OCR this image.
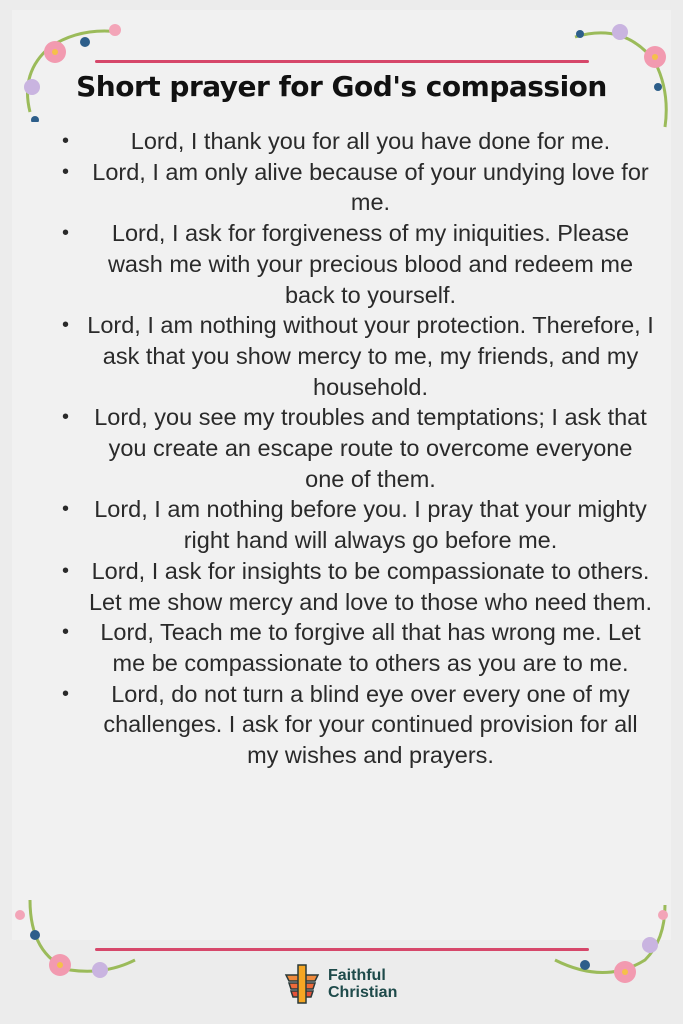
Short prayer for God's compassion
•	Lord, I thank you for all you have done for me.
• Lord, I am only alive because of your undying love for me.
• Lord, I ask for forgiveness of my iniquities. Please wash me with your precious blood and redeem me back to yourself.
• Lord, I am nothing without your protection. Therefore, I ask that you show mercy to me, my friends, and my household.
• Lord, you see my troubles and temptations; I ask that you create an escape route to overcome everyone one of them.
• Lord, I am nothing before you. I pray that your mighty right hand will always go before me.
• Lord, I ask for insights to be compassionate to others. Let me show mercy and love to those who need them.
• Lord, Teach me to forgive all that has wrong me. Let me be compassionate to others as you are to me.
• Lord, do not turn a blind eye over every one of my challenges. I ask for your continued provision for all my wishes and prayers.
Faithful
Christian
